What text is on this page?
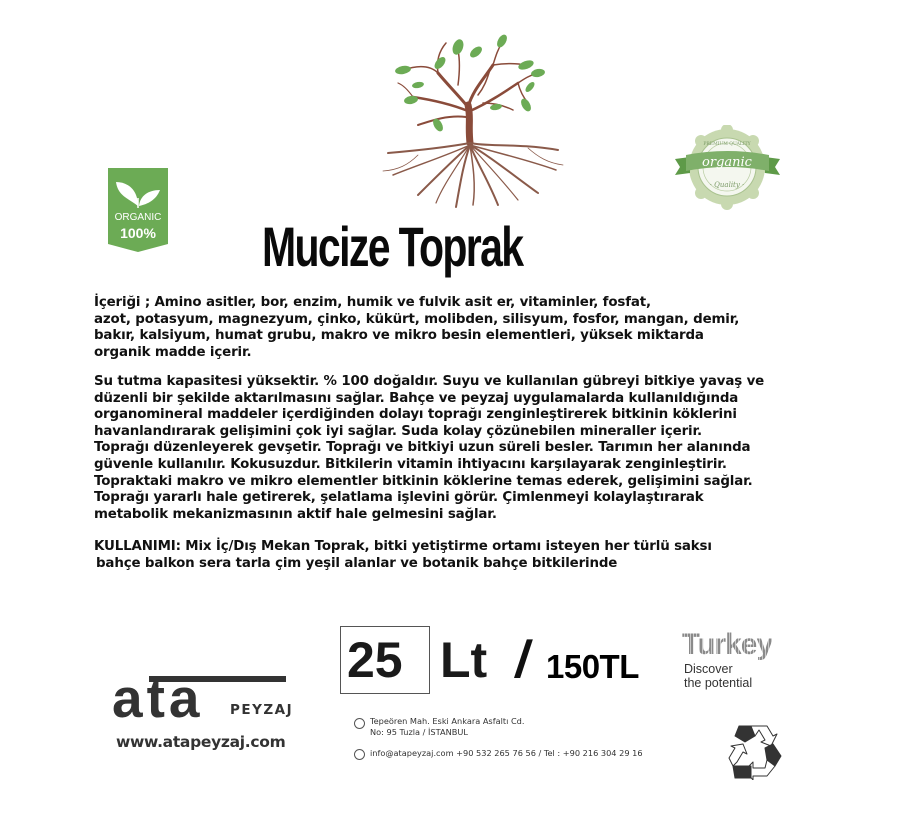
ORGANIC
100%
organic
PREMIUM QUALITY
· Quality ·
Mucize Toprak
İçeriği ; Amino asitler, bor, enzim, humik ve fulvik asit er, vitaminler, fosfat,
azot, potasyum, magnezyum, çinko, kükürt, molibden, silisyum, fosfor, mangan, demir,
bakır, kalsiyum, humat grubu, makro ve mikro besin elementleri, yüksek miktarda
organik madde içerir.
Su tutma kapasitesi yüksektir. % 100 doğaldır. Suyu ve kullanılan gübreyi bitkiye yavaş ve
düzenli bir şekilde aktarılmasını sağlar. Bahçe ve peyzaj uygulamalarda kullanıldığında
organomineral maddeler içerdiğinden dolayı toprağı zenginleştirerek bitkinin köklerini
havanlandırarak gelişimini çok iyi sağlar. Suda kolay çözünebilen mineraller içerir.
Toprağı düzenleyerek gevşetir. Toprağı ve bitkiyi uzun süreli besler. Tarımın her alanında
güvenle kullanılır. Kokusuzdur. Bitkilerin vitamin ihtiyacını karşılayarak zenginleştirir.
Topraktaki makro ve mikro elementler bitkinin köklerine temas ederek, gelişimini sağlar.
Toprağı yararlı hale getirerek, şelatlama işlevini görür. Çimlenmeyi kolaylaştırarak
metabolik mekanizmasının aktif hale gelmesini sağlar.
KULLANIMI: Mix İç/Dış Mekan Toprak, bitki yetiştirme ortamı isteyen her türlü saksı
bahçe balkon sera tarla çim yeşil alanlar ve botanik bahçe bitkilerinde
25 Lt / 150TL
Turkey
Discover
the potential
ata PEYZAJ
www.atapeyzaj.com
Tepeören Mah. Eski Ankara Asfaltı Cd.
No: 95 Tuzla / İSTANBUL
info@atapeyzaj.com +90 532 265 76 56 / Tel : +90 216 304 29 16
